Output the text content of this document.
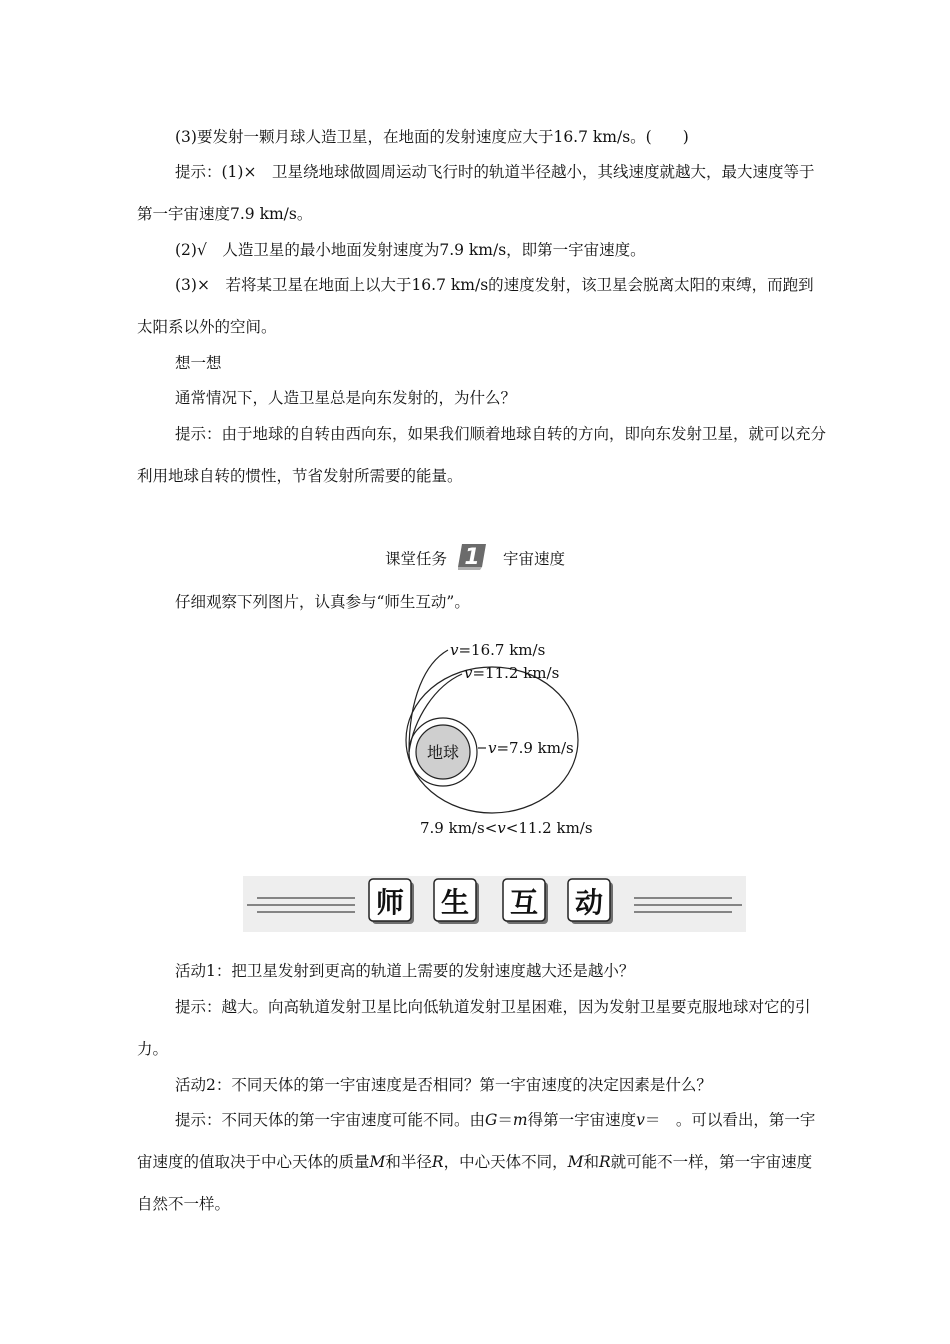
(3)要发射一颗月球人造卫星，在地面的发射速度应大于16.7 km/s。(　　)

提示：(1)×　卫星绕地球做圆周运动飞行时的轨道半径越小，其线速度就越大，最大速度等于第一宇宙速度7.9 km/s。

(2)√　人造卫星的最小地面发射速度为7.9 km/s，即第一宇宙速度。

(3)×　若将某卫星在地面上以大于16.7 km/s的速度发射，该卫星会脱离太阳的束缚，而跑到太阳系以外的空间。

想一想

通常情况下，人造卫星总是向东发射的，为什么？

提示：由于地球的自转由西向东，如果我们顺着地球自转的方向，即向东发射卫星，就可以充分利用地球自转的惯性，节省发射所需要的能量。

课堂任务 1 宇宙速度

仔细观察下列图片，认真参与“师生互动”。

v=16.7 km/s
v=11.2 km/s
v=7.9 km/s
地球
7.9 km/s<v<11.2 km/s
师 生 互 动

活动1：把卫星发射到更高的轨道上需要的发射速度越大还是越小？

提示：越大。向高轨道发射卫星比向低轨道发射卫星困难，因为发射卫星要克服地球对它的引力。

活动2：不同天体的第一宇宙速度是否相同？第一宇宙速度的决定因素是什么？

提示：不同天体的第一宇宙速度可能不同。由G＝m得第一宇宙速度v＝　。可以看出，第一宇宙速度的值取决于中心天体的质量M和半径R，中心天体不同，M和R就可能不一样，第一宇宙速度自然不一样。
